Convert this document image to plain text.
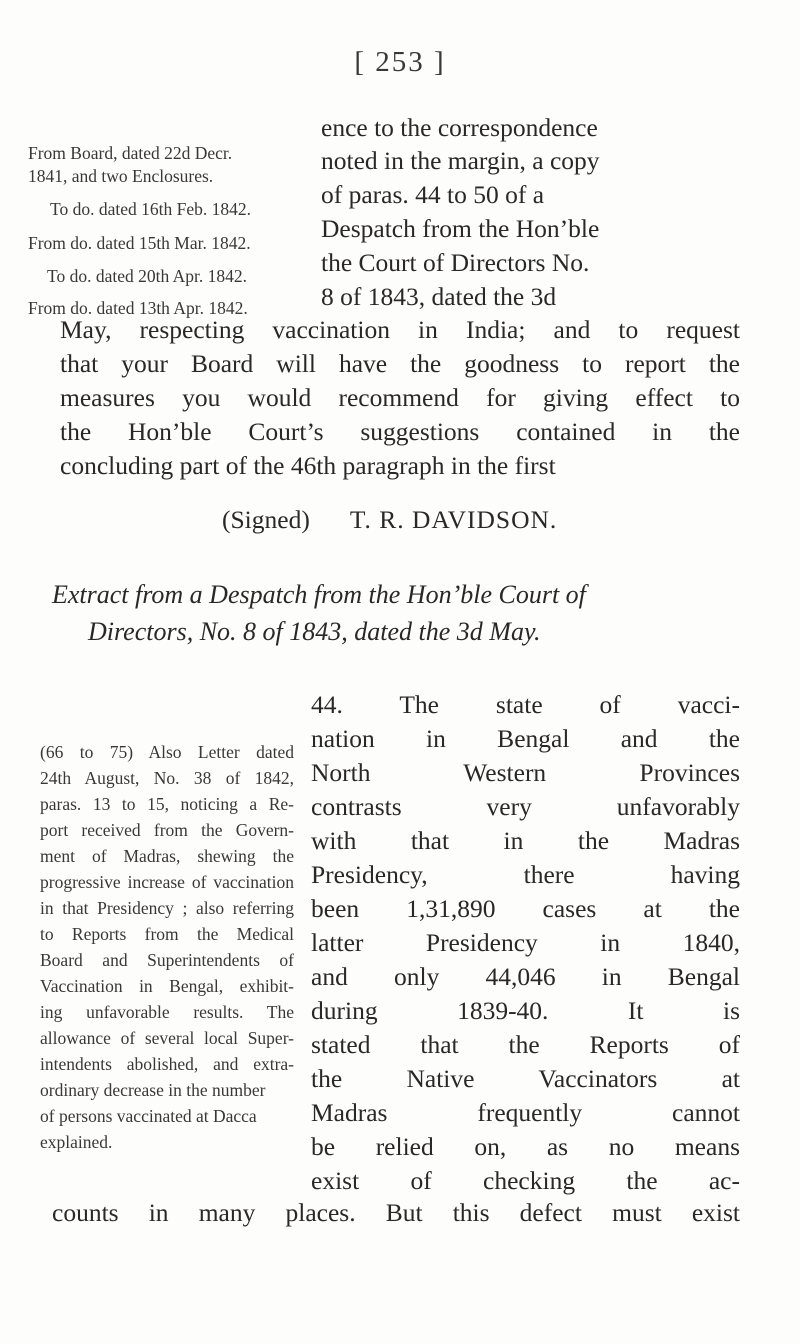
[ 253 ]
From Board, dated 22d Decr.
1841, and two Enclosures.
To do. dated 16th Feb. 1842.
From do. dated 15th Mar. 1842.
To do. dated 20th Apr. 1842.
From do. dated 13th Apr. 1842.
ence to the correspondence
noted in the margin, a copy
of paras. 44 to 50 of a
Despatch from the Hon’ble
the Court of Directors No.
8 of 1843, dated the 3d
May, respecting vaccination in India; and to request
that your Board will have the goodness to report the
measures you would recommend for giving effect to
the Hon’ble Court’s suggestions contained in the
concluding part of the 46th paragraph in the first
(Signed) T. R. DAVIDSON.
Extract from a Despatch from the Hon’ble Court of
Directors, No. 8 of 1843, dated the 3d May.
(66 to 75) Also Letter dated
24th August, No. 38 of 1842,
paras. 13 to 15, noticing a Re-
port received from the Govern-
ment of Madras, shewing the
progressive increase of vaccination
in that Presidency ; also referring
to Reports from the Medical
Board and Superintendents of
Vaccination in Bengal, exhibit-
ing unfavorable results. The
allowance of several local Super-
intendents abolished, and extra-
ordinary decrease in the number
of persons vaccinated at Dacca
explained.
44. The state of vacci-
nation in Bengal and the
North Western Provinces
contrasts very unfavorably
with that in the Madras
Presidency, there having
been 1,31,890 cases at the
latter Presidency in 1840,
and only 44,046 in Bengal
during 1839-40. It is
stated that the Reports of
the Native Vaccinators at
Madras frequently cannot
be relied on, as no means
exist of checking the ac-
counts in many places. But this defect must exist
